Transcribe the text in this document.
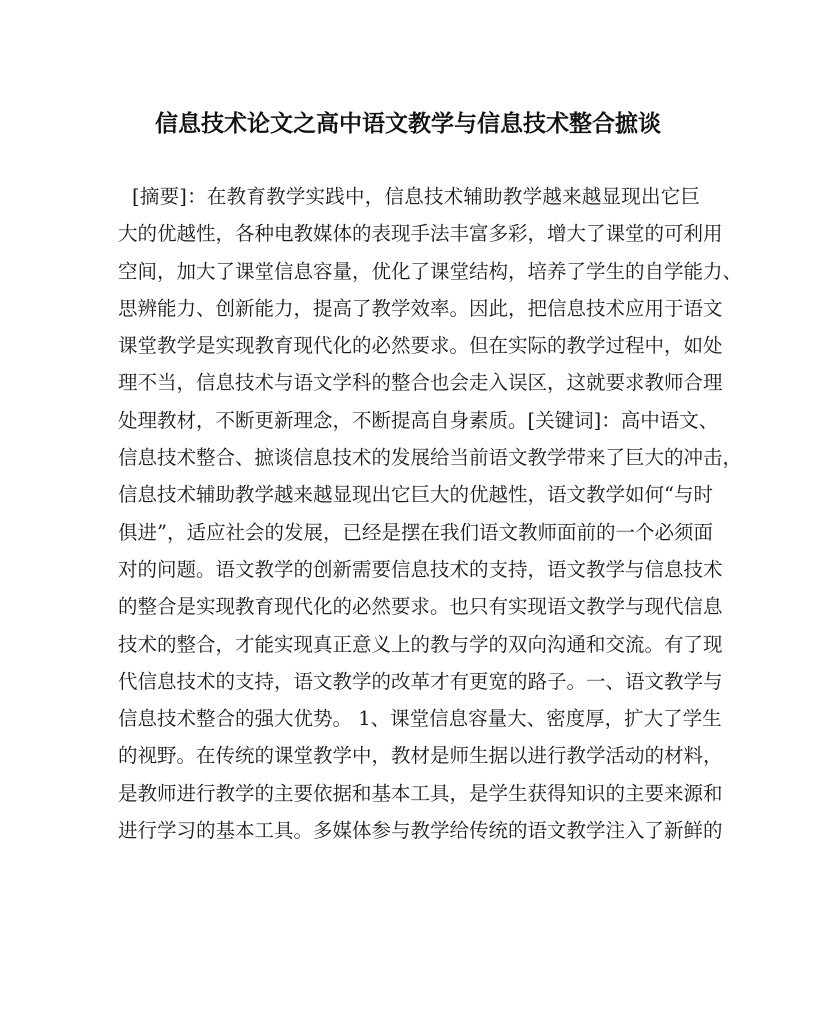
信息技术论文之高中语文教学与信息技术整合摭谈
[摘要]：在教育教学实践中，信息技术辅助教学越来越显现出它巨
大的优越性，各种电教媒体的表现手法丰富多彩，增大了课堂的可利用
空间，加大了课堂信息容量，优化了课堂结构，培养了学生的自学能力、
思辨能力、创新能力，提高了教学效率。因此，把信息技术应用于语文
课堂教学是实现教育现代化的必然要求。但在实际的教学过程中，如处
理不当，信息技术与语文学科的整合也会走入误区，这就要求教师合理
处理教材，不断更新理念，不断提高自身素质。[关键词]：高中语文、
信息技术整合、摭谈信息技术的发展给当前语文教学带来了巨大的冲击，
信息技术辅助教学越来越显现出它巨大的优越性，语文教学如何“与时
俱进”，适应社会的发展，已经是摆在我们语文教师面前的一个必须面
对的问题。语文教学的创新需要信息技术的支持，语文教学与信息技术
的整合是实现教育现代化的必然要求。也只有实现语文教学与现代信息
技术的整合，才能实现真正意义上的教与学的双向沟通和交流。有了现
代信息技术的支持，语文教学的改革才有更宽的路子。一、语文教学与
信息技术整合的强大优势。 1、课堂信息容量大、密度厚，扩大了学生
的视野。在传统的课堂教学中，教材是师生据以进行教学活动的材料，
是教师进行教学的主要依据和基本工具，是学生获得知识的主要来源和
进行学习的基本工具。多媒体参与教学给传统的语文教学注入了新鲜的
